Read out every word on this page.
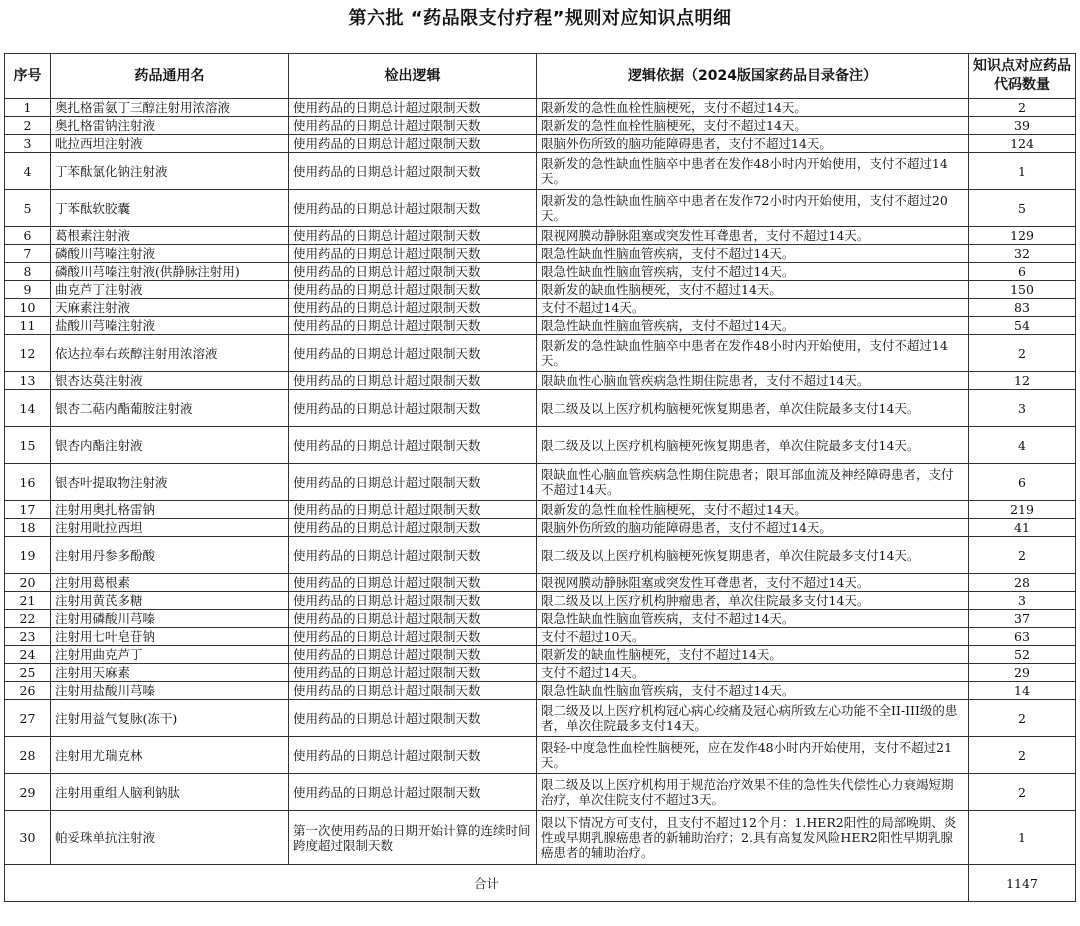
第六批 “药品限支付疗程”规则对应知识点明细
序号	药品通用名	检出逻辑	逻辑依据（2024版国家药品目录备注）	知识点对应药品代码数量
1	奥扎格雷氨丁三醇注射用浓溶液	使用药品的日期总计超过限制天数	限新发的急性血栓性脑梗死，支付不超过14天。	2
2	奥扎格雷钠注射液	使用药品的日期总计超过限制天数	限新发的急性血栓性脑梗死，支付不超过14天。	39
3	吡拉西坦注射液	使用药品的日期总计超过限制天数	限脑外伤所致的脑功能障碍患者，支付不超过14天。	124
4	丁苯酞氯化钠注射液	使用药品的日期总计超过限制天数	限新发的急性缺血性脑卒中患者在发作48小时内开始使用，支付不超过14天。	1
5	丁苯酞软胶囊	使用药品的日期总计超过限制天数	限新发的急性缺血性脑卒中患者在发作72小时内开始使用，支付不超过20天。	5
6	葛根素注射液	使用药品的日期总计超过限制天数	限视网膜动静脉阻塞或突发性耳聋患者，支付不超过14天。	129
7	磷酸川芎嗪注射液	使用药品的日期总计超过限制天数	限急性缺血性脑血管疾病，支付不超过14天。	32
8	磷酸川芎嗪注射液(供静脉注射用)	使用药品的日期总计超过限制天数	限急性缺血性脑血管疾病，支付不超过14天。	6
9	曲克芦丁注射液	使用药品的日期总计超过限制天数	限新发的缺血性脑梗死，支付不超过14天。	150
10	天麻素注射液	使用药品的日期总计超过限制天数	支付不超过14天。	83
11	盐酸川芎嗪注射液	使用药品的日期总计超过限制天数	限急性缺血性脑血管疾病，支付不超过14天。	54
12	依达拉奉右莰醇注射用浓溶液	使用药品的日期总计超过限制天数	限新发的急性缺血性脑卒中患者在发作48小时内开始使用，支付不超过14天。	2
13	银杏达莫注射液	使用药品的日期总计超过限制天数	限缺血性心脑血管疾病急性期住院患者，支付不超过14天。	12
14	银杏二萜内酯葡胺注射液	使用药品的日期总计超过限制天数	限二级及以上医疗机构脑梗死恢复期患者，单次住院最多支付14天。	3
15	银杏内酯注射液	使用药品的日期总计超过限制天数	限二级及以上医疗机构脑梗死恢复期患者，单次住院最多支付14天。	4
16	银杏叶提取物注射液	使用药品的日期总计超过限制天数	限缺血性心脑血管疾病急性期住院患者；限耳部血流及神经障碍患者，支付不超过14天。	6
17	注射用奥扎格雷钠	使用药品的日期总计超过限制天数	限新发的急性血栓性脑梗死，支付不超过14天。	219
18	注射用吡拉西坦	使用药品的日期总计超过限制天数	限脑外伤所致的脑功能障碍患者，支付不超过14天。	41
19	注射用丹参多酚酸	使用药品的日期总计超过限制天数	限二级及以上医疗机构脑梗死恢复期患者，单次住院最多支付14天。	2
20	注射用葛根素	使用药品的日期总计超过限制天数	限视网膜动静脉阻塞或突发性耳聋患者，支付不超过14天。	28
21	注射用黄芪多糖	使用药品的日期总计超过限制天数	限二级及以上医疗机构肿瘤患者，单次住院最多支付14天。	3
22	注射用磷酸川芎嗪	使用药品的日期总计超过限制天数	限急性缺血性脑血管疾病，支付不超过14天。	37
23	注射用七叶皂苷钠	使用药品的日期总计超过限制天数	支付不超过10天。	63
24	注射用曲克芦丁	使用药品的日期总计超过限制天数	限新发的缺血性脑梗死，支付不超过14天。	52
25	注射用天麻素	使用药品的日期总计超过限制天数	支付不超过14天。	29
26	注射用盐酸川芎嗪	使用药品的日期总计超过限制天数	限急性缺血性脑血管疾病，支付不超过14天。	14
27	注射用益气复脉(冻干)	使用药品的日期总计超过限制天数	限二级及以上医疗机构冠心病心绞痛及冠心病所致左心功能不全II-III级的患者，单次住院最多支付14天。	2
28	注射用尤瑞克林	使用药品的日期总计超过限制天数	限轻-中度急性血栓性脑梗死，应在发作48小时内开始使用，支付不超过21天。	2
29	注射用重组人脑利钠肽	使用药品的日期总计超过限制天数	限二级及以上医疗机构用于规范治疗效果不佳的急性失代偿性心力衰竭短期治疗，单次住院支付不超过3天。	2
30	帕妥珠单抗注射液	第一次使用药品的日期开始计算的连续时间跨度超过限制天数	限以下情况方可支付，且支付不超过12个月：1.HER2阳性的局部晚期、炎性或早期乳腺癌患者的新辅助治疗；2.具有高复发风险HER2阳性早期乳腺癌患者的辅助治疗。	1
合计				1147
